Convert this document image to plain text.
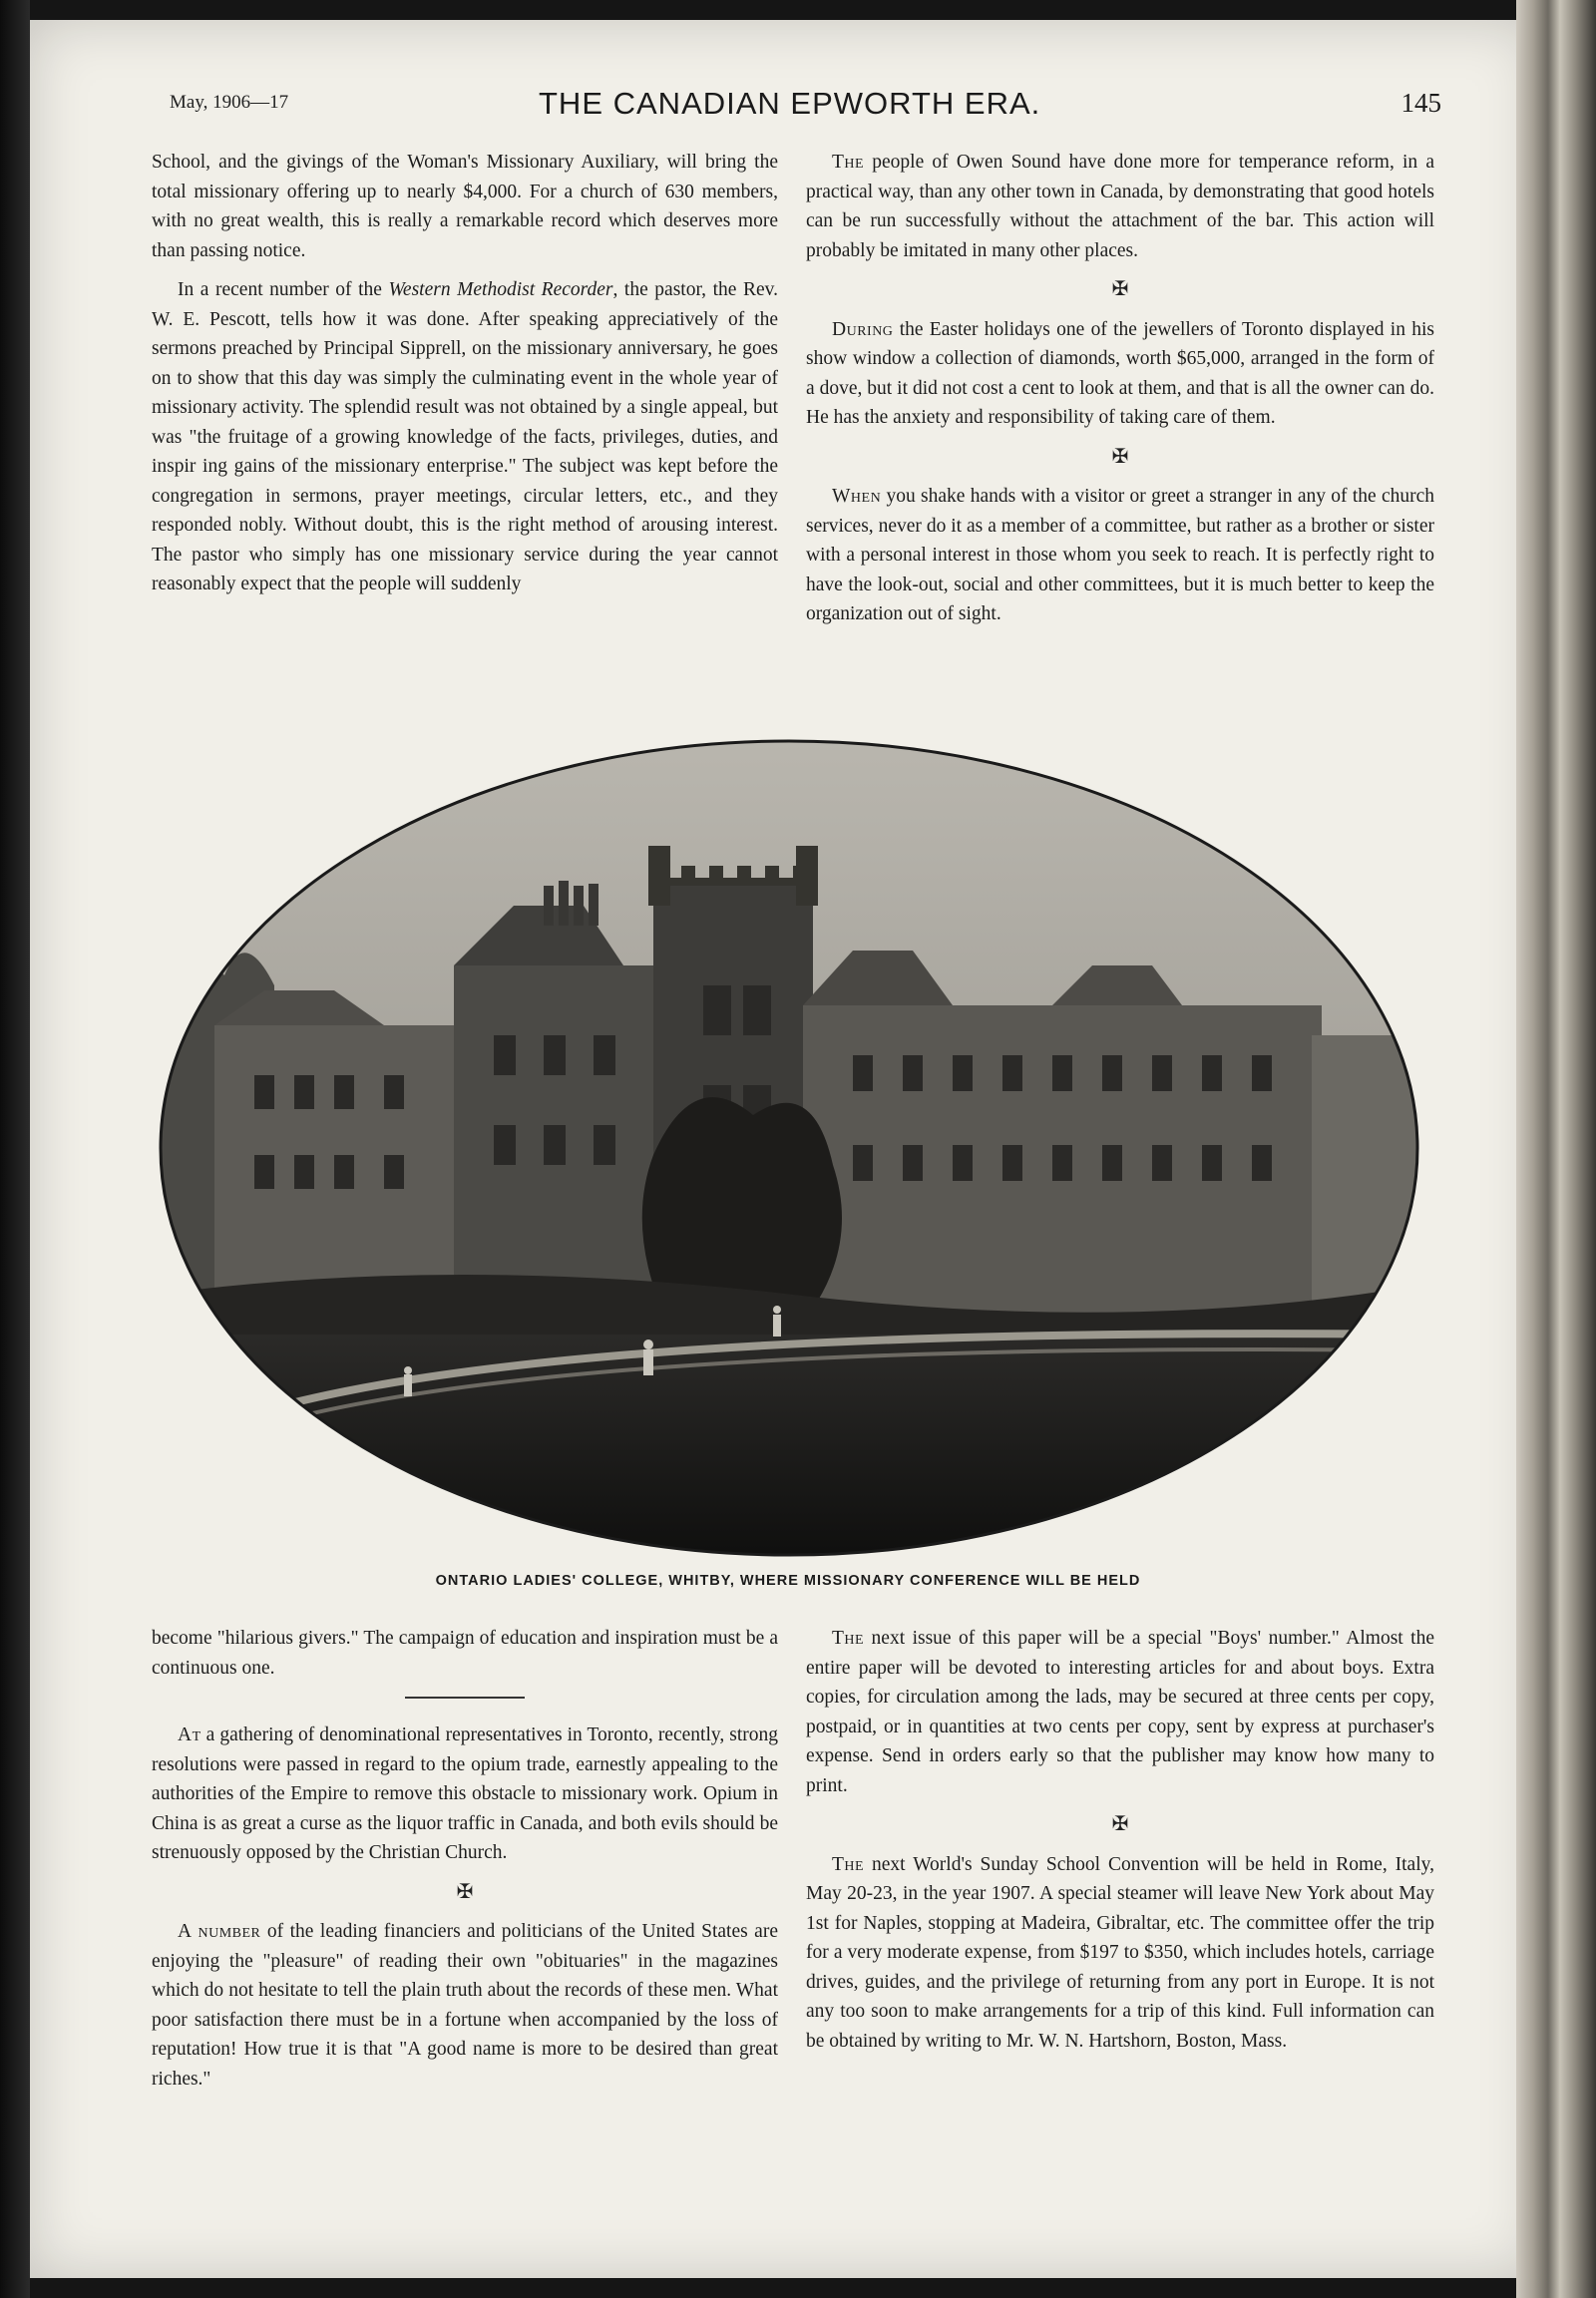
May, 1906—17	THE CANADIAN EPWORTH ERA.	145

School, and the givings of the Woman's Missionary Auxiliary, will bring the total missionary offering up to nearly $4,000. For a church of 630 members, with no great wealth, this is really a remarkable record which deserves more than passing notice.

In a recent number of the Western Methodist Recorder, the pastor, the Rev. W. E. Pescott, tells how it was done. After speaking appreciatively of the sermons preached by Principal Sipprell, on the missionary anniversary, he goes on to show that this day was simply the culminating event in the whole year of missionary activity. The splendid result was not obtained by a single appeal, but was "the fruitage of a growing knowledge of the facts, privileges, duties, and inspir ing gains of the missionary enterprise." The subject was kept before the congregation in sermons, prayer meetings, circular letters, etc., and they responded nobly. Without doubt, this is the right method of arousing interest. The pastor who simply has one missionary service during the year cannot reasonably expect that the people will suddenly

The people of Owen Sound have done more for temperance reform, in a practical way, than any other town in Canada, by demonstrating that good hotels can be run successfully without the attachment of the bar. This action will probably be imitated in many other places.

✠

During the Easter holidays one of the jewellers of Toronto displayed in his show window a collection of diamonds, worth $65,000, arranged in the form of a dove, but it did not cost a cent to look at them, and that is all the owner can do. He has the anxiety and responsibility of taking care of them.

✠

When you shake hands with a visitor or greet a stranger in any of the church services, never do it as a member of a committee, but rather as a brother or sister with a personal interest in those whom you seek to reach. It is perfectly right to have the look-out, social and other committees, but it is much better to keep the organization out of sight.

ONTARIO LADIES' COLLEGE, WHITBY, WHERE MISSIONARY CONFERENCE WILL BE HELD

become "hilarious givers." The campaign of education and inspiration must be a continuous one.

At a gathering of denominational representatives in Toronto, recently, strong resolutions were passed in regard to the opium trade, earnestly appealing to the authorities of the Empire to remove this obstacle to missionary work. Opium in China is as great a curse as the liquor traffic in Canada, and both evils should be strenuously opposed by the Christian Church.

✠

A number of the leading financiers and politicians of the United States are enjoying the "pleasure" of reading their own "obituaries" in the magazines which do not hesitate to tell the plain truth about the records of these men. What poor satisfaction there must be in a fortune when accompanied by the loss of reputation! How true it is that "A good name is more to be desired than great riches."

The next issue of this paper will be a special "Boys' number." Almost the entire paper will be devoted to interesting articles for and about boys. Extra copies, for circulation among the lads, may be secured at three cents per copy, postpaid, or in quantities at two cents per copy, sent by express at purchaser's expense. Send in orders early so that the publisher may know how many to print.

✠

The next World's Sunday School Convention will be held in Rome, Italy, May 20-23, in the year 1907. A special steamer will leave New York about May 1st for Naples, stopping at Madeira, Gibraltar, etc. The committee offer the trip for a very moderate expense, from $197 to $350, which includes hotels, carriage drives, guides, and the privilege of returning from any port in Europe. It is not any too soon to make arrangements for a trip of this kind. Full information can be obtained by writing to Mr. W. N. Hartshorn, Boston, Mass.
